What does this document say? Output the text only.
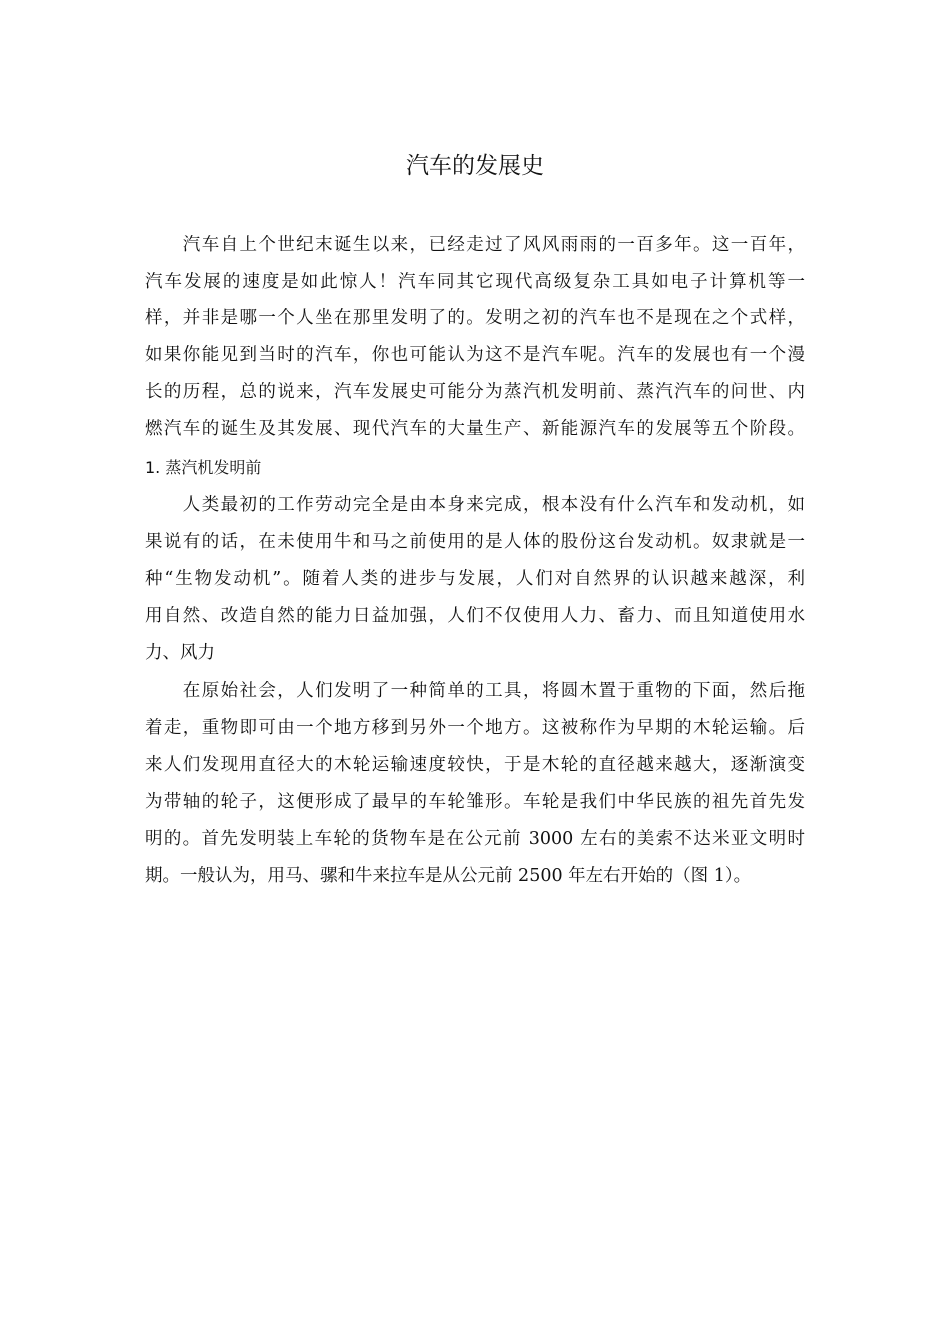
汽车的发展史

　　汽车自上个世纪末诞生以来，已经走过了风风雨雨的一百多年。这一百年，

汽车发展的速度是如此惊人！汽车同其它现代高级复杂工具如电子计算机等一

样，并非是哪一个人坐在那里发明了的。发明之初的汽车也不是现在之个式样，

如果你能见到当时的汽车，你也可能认为这不是汽车呢。汽车的发展也有一个漫

长的历程，总的说来，汽车发展史可能分为蒸汽机发明前、蒸汽汽车的问世、内

燃汽车的诞生及其发展、现代汽车的大量生产、新能源汽车的发展等五个阶段。

1. 蒸汽机发明前

　　人类最初的工作劳动完全是由本身来完成，根本没有什么汽车和发动机，如

果说有的话，在未使用牛和马之前使用的是人体的股份这台发动机。奴隶就是一

种“生物发动机”。随着人类的进步与发展，人们对自然界的认识越来越深，利

用自然、改造自然的能力日益加强，人们不仅使用人力、畜力、而且知道使用水

力、风力

　　在原始社会，人们发明了一种简单的工具，将圆木置于重物的下面，然后拖

着走，重物即可由一个地方移到另外一个地方。这被称作为早期的木轮运输。后

来人们发现用直径大的木轮运输速度较快，于是木轮的直径越来越大，逐渐演变

为带轴的轮子，这便形成了最早的车轮雏形。车轮是我们中华民族的祖先首先发

明的。首先发明装上车轮的货物车是在公元前 3000 左右的美索不达米亚文明时

期。一般认为，用马、骡和牛来拉车是从公元前 2500 年左右开始的（图 1）。
